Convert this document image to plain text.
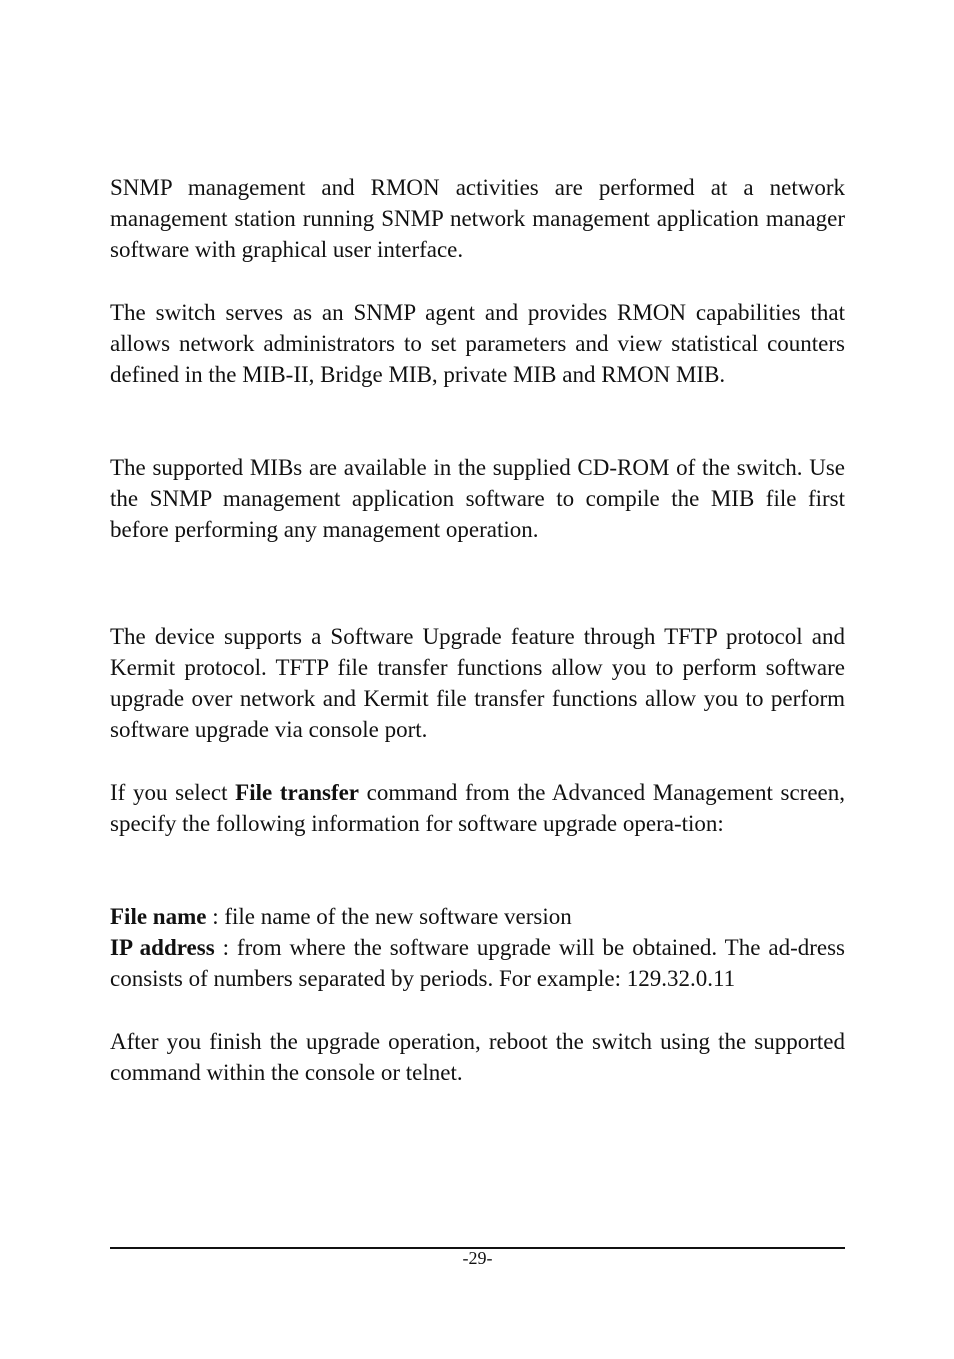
SNMP management and RMON activities are performed at a network management station running SNMP network management application manager software with graphical user interface.

The switch serves as an SNMP agent and provides RMON capabilities that allows network administrators to set parameters and view statistical counters defined in the MIB-II, Bridge MIB, private MIB and RMON MIB.

The supported MIBs are available in the supplied CD-ROM of the switch. Use the SNMP management application software to compile the MIB file first before performing any management operation.

The device supports a Software Upgrade feature through TFTP protocol and Kermit protocol. TFTP file transfer functions allow you to perform software upgrade over network and Kermit file transfer functions allow you to perform software upgrade via console port.

If you select File transfer command from the Advanced Management screen, specify the following information for software upgrade opera-tion:

File name : file name of the new software version
IP address : from where the software upgrade will be obtained. The ad-dress consists of numbers separated by periods. For example: 129.32.0.11

After you finish the upgrade operation, reboot the switch using the supported command within the console or telnet.

-29-
